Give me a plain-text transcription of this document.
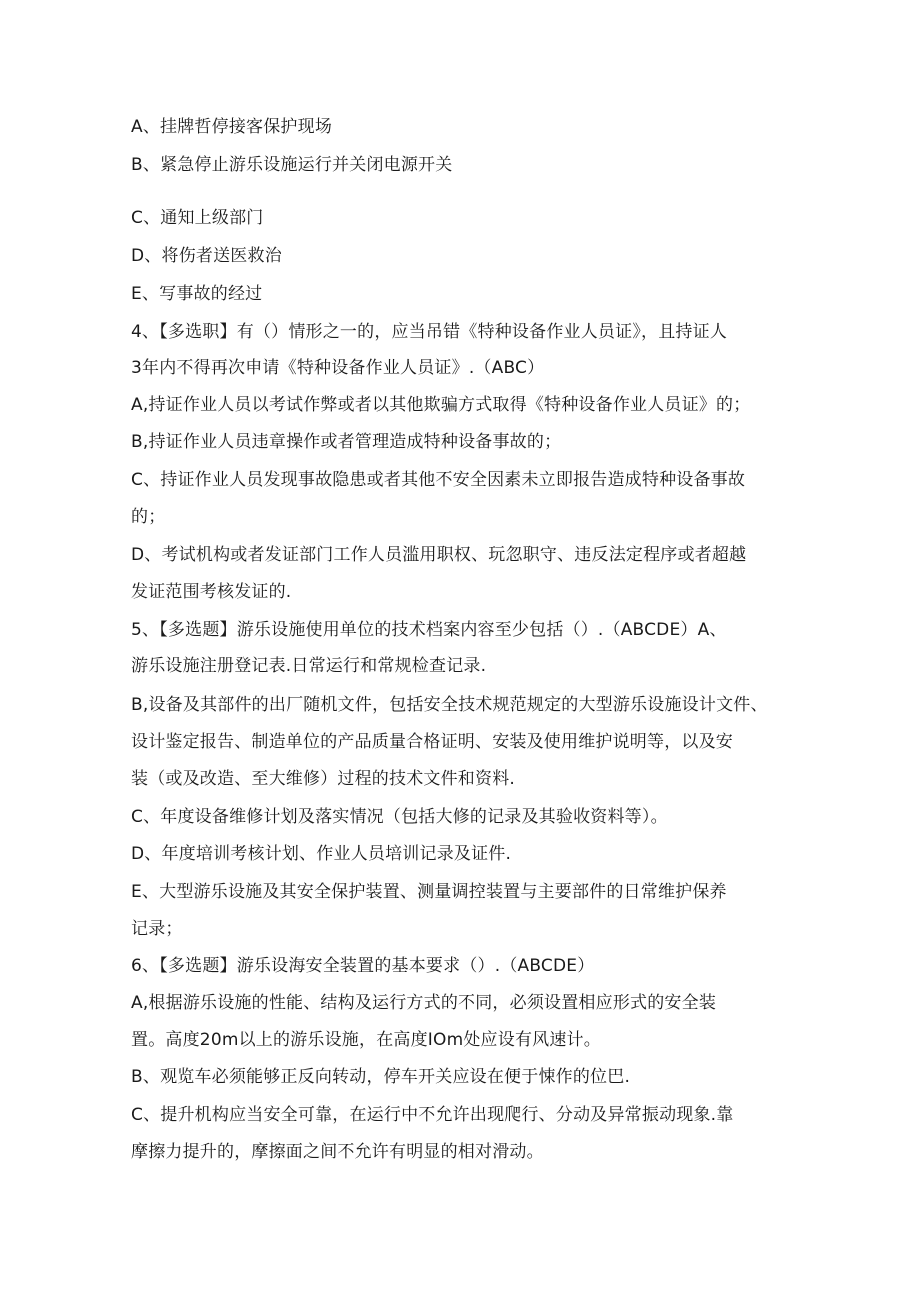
A、挂牌哲停接客保护现场
B、紧急停止游乐设施运行并关闭电源开关
C、通知上级部门
D、将伤者送医救治
E、写事故的经过
4、【多选职】有（）情形之一的，应当吊错《特种设备作业人员证》，且持证人
3年内不得再次申请《特种设备作业人员证》.（ABC）
A,持证作业人员以考试作弊或者以其他欺骗方式取得《特种设备作业人员证》的；
B,持证作业人员违章操作或者管理造成特种设备事故的；
C、持证作业人员发现事故隐患或者其他不安全因素未立即报告造成特种设备事故
的；
D、考试机构或者发证部门工作人员滥用职权、玩忽职守、违反法定程序或者超越
发证范围考核发证的.
5、【多选题】游乐设施使用单位的技术档案内容至少包括（）.（ABCDE）A、
游乐设施注册登记表.日常运行和常规检查记录.
B,设备及其部件的出厂随机文件，包括安全技术规范规定的大型游乐设施设计文件、
设计鉴定报告、制造单位的产品质量合格证明、安装及使用维护说明等，以及安
装（或及改造、至大维修）过程的技术文件和资料.
C、年度设备维修计划及落实情况（包括大修的记录及其验收资料等）。
D、年度培训考核计划、作业人员培训记录及证件.
E、大型游乐设施及其安全保护装置、测量调控装置与主要部件的日常维护保养
记录；
6、【多选题】游乐设海安全装置的基本要求（）.（ABCDE）
A,根据游乐设施的性能、结构及运行方式的不同，必须设置相应形式的安全装
置。高度20m以上的游乐设施，在高度IOm处应设有风速计。
B、观览车必须能够正反向转动，停车开关应设在便于悚作的位巴.
C、提升机构应当安全可靠，在运行中不允许出现爬行、分动及异常振动现象.靠
摩擦力提升的，摩擦面之间不允许有明显的相对滑动。
